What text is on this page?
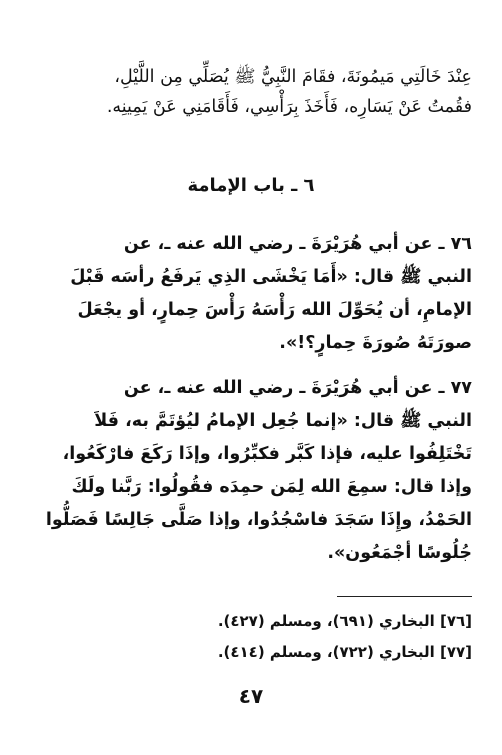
عِنْدَ خَالَتِي مَيمُونَةَ، فقَامَ النَّبِيُّ ﷺ يُصَلِّي مِن اللَّيْلِ،
فقُمتُ عَنْ يَسَارِه، فَأَخَذَ بِرَأْسِي، فَأَقَامَنِي عَنْ يَمِينِه.
٦ ـ باب الإمامة
٧٦ ـ عن أبي هُرَيْرَةَ ـ رضي الله عنه ـ، عن
النبي ﷺ قال: «أَمَا يَخْشَى الذِي يَرفَعُ رأسَه قَبْلَ
الإمامِ، أن يُحَوِّلَ الله رَأْسَهُ رَأْسَ حِمارٍ، أو يجْعَلَ
صورَتَهُ صُورَةَ حِمارٍ؟!».
٧٧ ـ عن أبي هُرَيْرَةَ ـ رضي الله عنه ـ، عن
النبي ﷺ قال: «إنما جُعِل الإمامُ ليُؤتَمَّ به، فَلاَ
تَخْتَلِفُوا عليه، فإذا كَبَّر فكبِّرُوا، وإذَا رَكَعَ فارْكَعُوا،
وإذا قال: سمِعَ الله لِمَن حمِدَه فقُولُوا: رَبَّنا ولَكَ
الحَمْدُ، وإِذَا سَجَدَ فاسْجُدُوا، وإذا صَلَّى جَالِسًا فَصَلُّوا
جُلُوسًا أجْمَعُون».
[٧٦] البخاري (٦٩١)، ومسلم (٤٢٧).
[٧٧] البخاري (٧٢٢)، ومسلم (٤١٤).
٤٧
